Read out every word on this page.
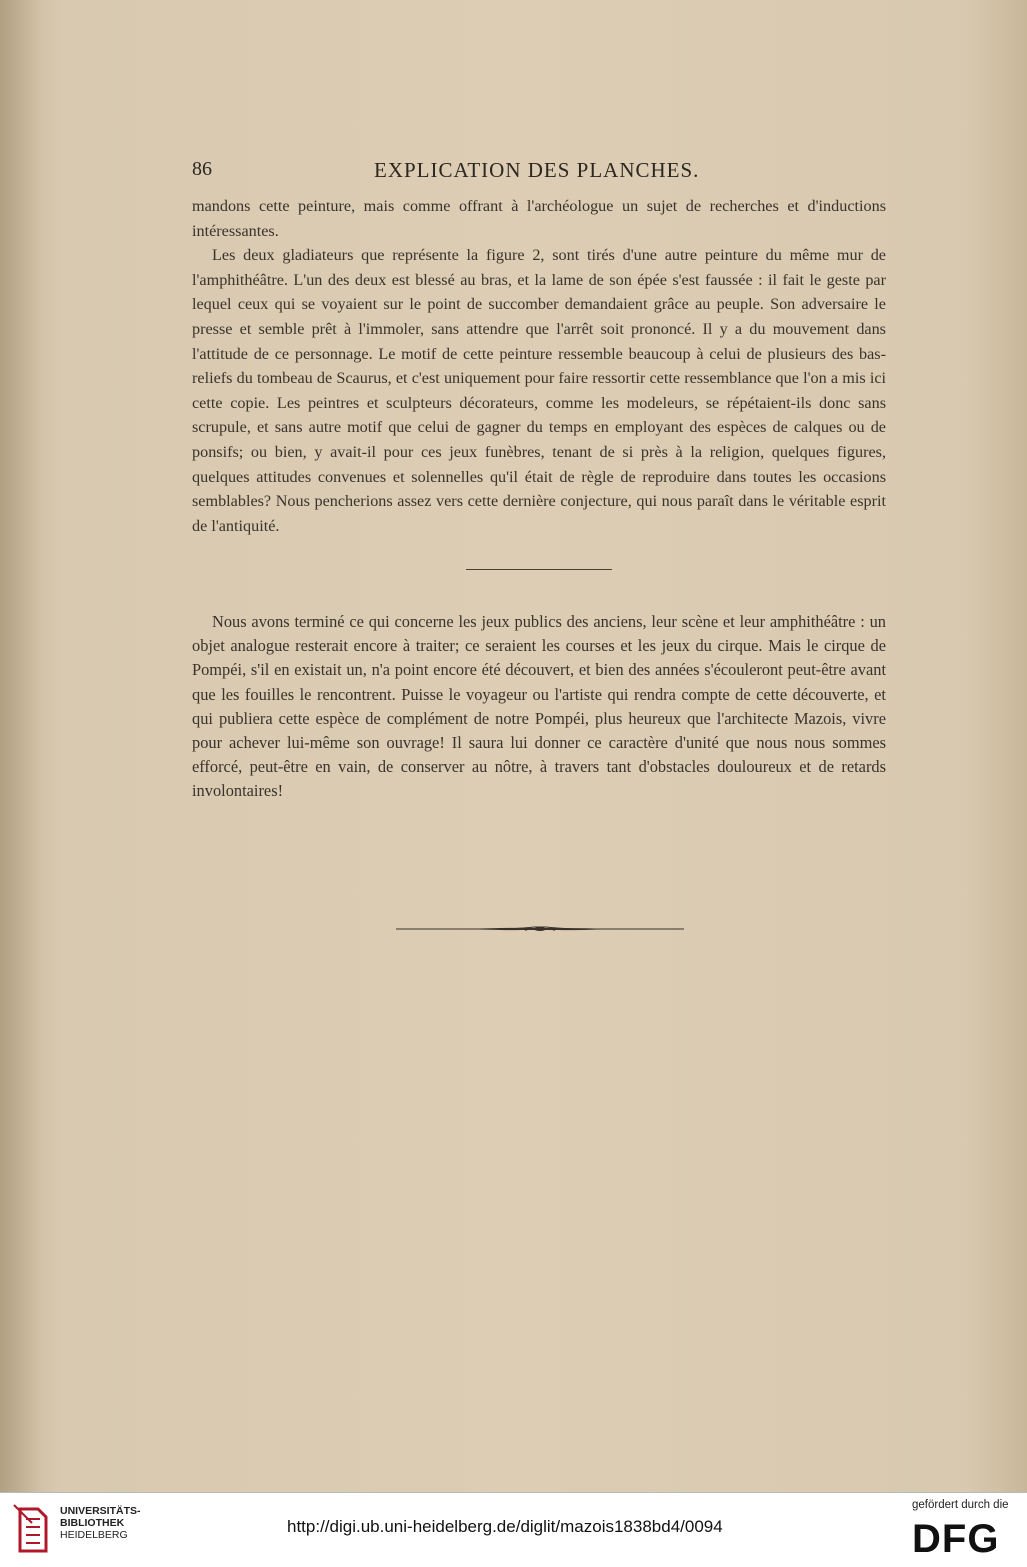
86	EXPLICATION DES PLANCHES.

mandons cette peinture, mais comme offrant à l'archéologue un sujet de recherches et d'inductions intéressantes.

Les deux gladiateurs que représente la figure 2, sont tirés d'une autre peinture du même mur de l'amphithéâtre. L'un des deux est blessé au bras, et la lame de son épée s'est faussée : il fait le geste par lequel ceux qui se voyaient sur le point de succomber demandaient grâce au peuple. Son adversaire le presse et semble prêt à l'immoler, sans attendre que l'arrêt soit prononcé. Il y a du mouvement dans l'attitude de ce personnage. Le motif de cette peinture ressemble beaucoup à celui de plusieurs des bas-reliefs du tombeau de Scaurus, et c'est uniquement pour faire ressortir cette ressemblance que l'on a mis ici cette copie. Les peintres et sculpteurs décorateurs, comme les modeleurs, se répétaient-ils donc sans scrupule, et sans autre motif que celui de gagner du temps en employant des espèces de calques ou de ponsifs; ou bien, y avait-il pour ces jeux funèbres, tenant de si près à la religion, quelques figures, quelques attitudes convenues et solennelles qu'il était de règle de reproduire dans toutes les occasions semblables? Nous pencherions assez vers cette dernière conjecture, qui nous paraît dans le véritable esprit de l'antiquité.

Nous avons terminé ce qui concerne les jeux publics des anciens, leur scène et leur amphithéâtre : un objet analogue resterait encore à traiter; ce seraient les courses et les jeux du cirque. Mais le cirque de Pompéi, s'il en existait un, n'a point encore été découvert, et bien des années s'écouleront peut-être avant que les fouilles le rencontrent. Puisse le voyageur ou l'artiste qui rendra compte de cette découverte, et qui publiera cette espèce de complément de notre Pompéi, plus heureux que l'architecte Mazois, vivre pour achever lui-même son ouvrage! Il saura lui donner ce caractère d'unité que nous nous sommes efforcé, peut-être en vain, de conserver au nôtre, à travers tant d'obstacles douloureux et de retards involontaires!

UNIVERSITÄTS-
BIBLIOTHEK
HEIDELBERG	http://digi.ub.uni-heidelberg.de/diglit/mazois1838bd4/0094
gefördert durch die
DFG
